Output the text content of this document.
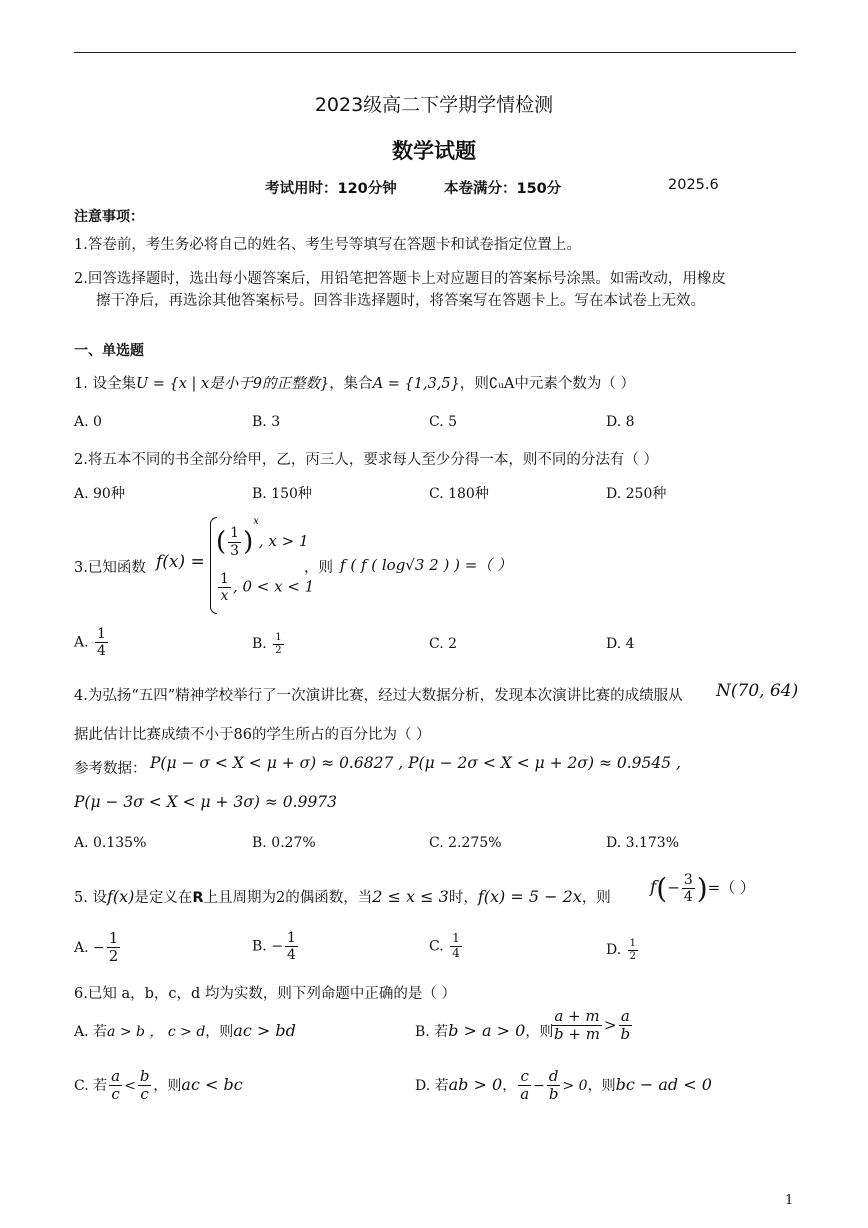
2023级高二下学期学情检测
数学试题
考试用时：120分钟	本卷满分：150分	2025.6
注意事项：
1.答卷前，考生务必将自己的姓名、考生号等填写在答题卡和试卷指定位置上。
2.回答选择题时，选出每小题答案后，用铅笔把答题卡上对应题目的答案标号涂黑。如需改动，用橡皮
擦干净后，再选涂其他答案标号。回答非选择题时，将答案写在答题卡上。写在本试卷上无效。
一、单选题
1. 设全集U = {x | x是小于9的正整数}，集合A = {1,3,5}，则∁ᵤA中元素个数为（ ）
A. 0	B. 3	C. 5	D. 8
2.将五本不同的书全部分给甲，乙，丙三人，要求每人至少分得一本，则不同的分法有（ ）
A. 90种	B. 150种	C. 180种	D. 250种
3.已知函数 f(x) =
( $\frac{1}{3} )^x$, x > 1
$\frac{1}{x}$ , 0 < x < 1
，则 f ( f ( log√3 2 ) ) =（ ）
A. $\frac{1}{4}$	B. $\frac{1}{2}$	C. 2	D. 4
4.为弘扬“五四”精神学校举行了一次演讲比赛，经过大数据分析，发现本次演讲比赛的成绩服从 N(70, 64)
据此估计比赛成绩不小于86的学生所占的百分比为（ ）
参考数据： P(μ − σ < X < μ + σ) ≈ 0.6827 , P(μ − 2σ < X < μ + 2σ) ≈ 0.9545 ,
P(μ − 3σ < X < μ + 3σ) ≈ 0.9973
A. 0.135%	B. 0.27%	C. 2.275%	D. 3.173%
5. 设f(x)是定义在R上且周期为2的偶函数，当2 ≤ x ≤ 3时，f(x) = 5 − 2x，则
$f(- \frac{3}{4}$ )=（ ）
A. − $\frac{1}{2}$	B. − $\frac{1}{4}$	C. $\frac{1}{4}$	D. $\frac{1}{2}$
6.已知 a，b，c，d 均为实数，则下列命题中正确的是（ ）
A. 若a > b ， c > d，则ac > bd	B. 若b > a > 0，则
$\frac{a + m}{b + m} > \frac{a}{b}$
C. 若 $\frac{a}{c} < \frac{b}{c}$ ，则ac < bc	D. 若ab > 0， $\frac{c}{a} - \frac{d}{b} > 0$，则bc − ad < 0
1
